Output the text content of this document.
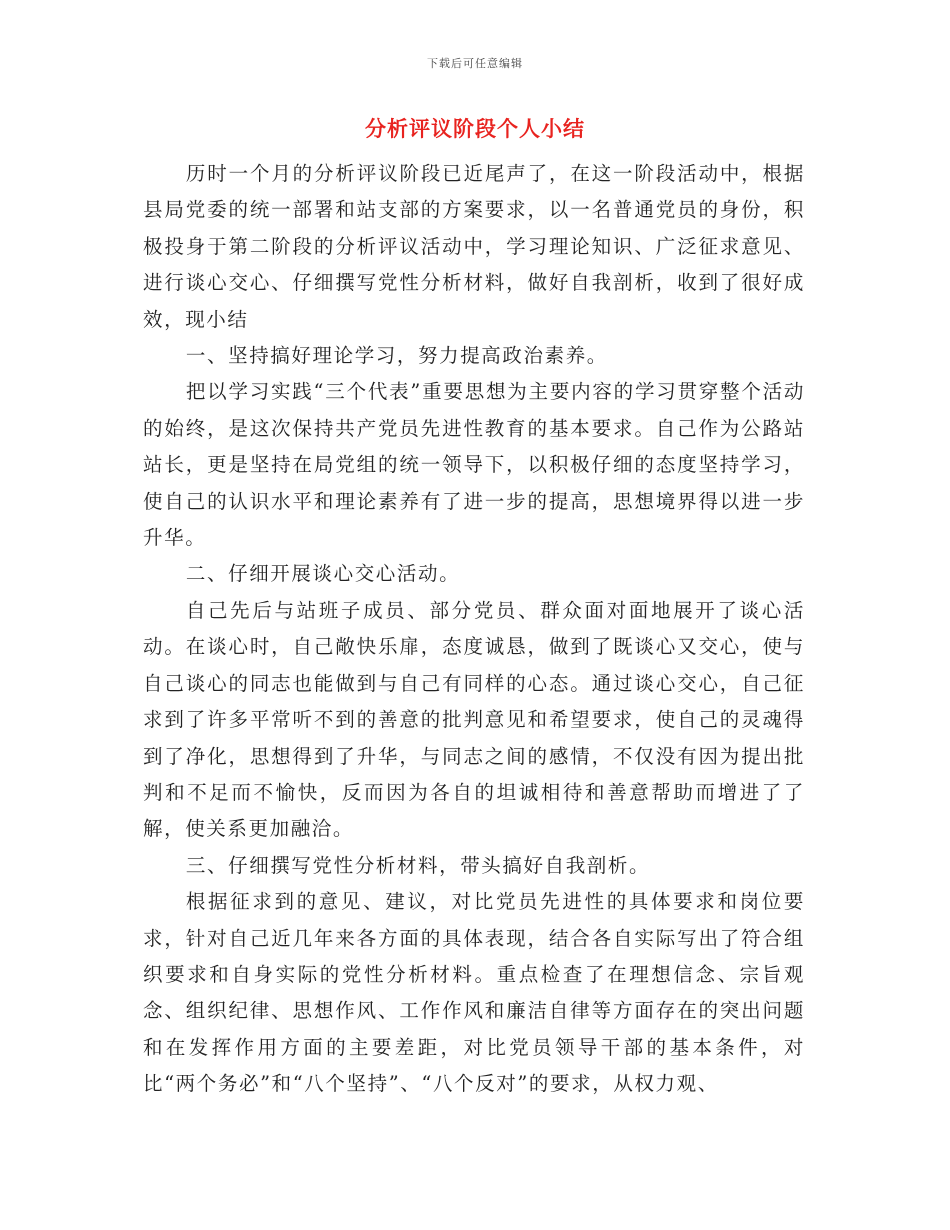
下载后可任意编辑
分析评议阶段个人小结

历时一个月的分析评议阶段已近尾声了，在这一阶段活动中，根据县局党委的统一部署和站支部的方案要求，以一名普通党员的身份，积极投身于第二阶段的分析评议活动中，学习理论知识、广泛征求意见、进行谈心交心、仔细撰写党性分析材料，做好自我剖析，收到了很好成效，现小结

一、坚持搞好理论学习，努力提高政治素养。

把以学习实践“三个代表”重要思想为主要内容的学习贯穿整个活动的始终，是这次保持共产党员先进性教育的基本要求。自己作为公路站站长，更是坚持在局党组的统一领导下，以积极仔细的态度坚持学习，使自己的认识水平和理论素养有了进一步的提高，思想境界得以进一步升华。

二、仔细开展谈心交心活动。

自己先后与站班子成员、部分党员、群众面对面地展开了谈心活动。在谈心时，自己敞快乐扉，态度诚恳，做到了既谈心又交心，使与自己谈心的同志也能做到与自己有同样的心态。通过谈心交心，自己征求到了许多平常听不到的善意的批判意见和希望要求，使自己的灵魂得到了净化，思想得到了升华，与同志之间的感情，不仅没有因为提出批判和不足而不愉快，反而因为各自的坦诚相待和善意帮助而增进了了解，使关系更加融洽。

三、仔细撰写党性分析材料，带头搞好自我剖析。

根据征求到的意见、建议，对比党员先进性的具体要求和岗位要求，针对自己近几年来各方面的具体表现，结合各自实际写出了符合组织要求和自身实际的党性分析材料。重点检查了在理想信念、宗旨观念、组织纪律、思想作风、工作作风和廉洁自律等方面存在的突出问题和在发挥作用方面的主要差距，对比党员领导干部的基本条件，对比“两个务必”和“八个坚持”、“八个反对”的要求，从权力观、
